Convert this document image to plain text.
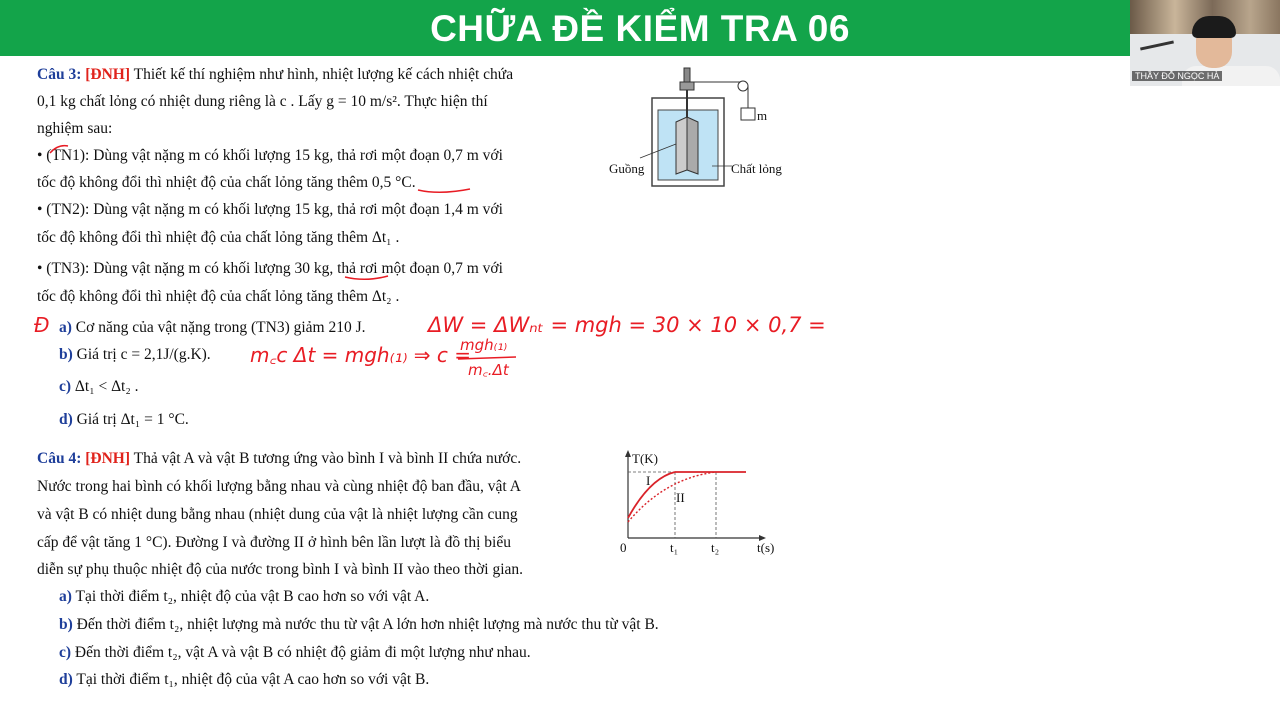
CHỮA ĐỀ KIỂM TRA 06
THẦY ĐỖ NGỌC HÀ
Câu 3: [ĐNH] Thiết kế thí nghiệm như hình, nhiệt lượng kế cách nhiệt chứa
0,1 kg chất lỏng có nhiệt dung riêng là c . Lấy g = 10 m/s². Thực hiện thí
nghiệm sau:
• (TN1): Dùng vật nặng m có khối lượng 15 kg, thả rơi một đoạn 0,7 m với
tốc độ không đổi thì nhiệt độ của chất lỏng tăng thêm 0,5 °C.
• (TN2): Dùng vật nặng m có khối lượng 15 kg, thả rơi một đoạn 1,4 m với
tốc độ không đổi thì nhiệt độ của chất lỏng tăng thêm Δt₁ .
• (TN3): Dùng vật nặng m có khối lượng 30 kg, thả rơi một đoạn 0,7 m với
tốc độ không đổi thì nhiệt độ của chất lỏng tăng thêm Δt₂ .
a) Cơ năng của vật nặng trong (TN3) giảm 210 J.
b) Giá trị c = 2,1J/(g.K).
c) Δt₁ < Δt₂ .
d) Giá trị Δt₁ = 1 °C.
m
Guồng	Chất lỏng
Câu 4: [ĐNH] Thả vật A và vật B tương ứng vào bình I và bình II chứa nước.
Nước trong hai bình có khối lượng bằng nhau và cùng nhiệt độ ban đầu, vật A
và vật B có nhiệt dung bằng nhau (nhiệt dung của vật là nhiệt lượng cần cung
cấp để vật tăng 1 °C). Đường I và đường II ở hình bên lần lượt là đồ thị biểu
diễn sự phụ thuộc nhiệt độ của nước trong bình I và bình II vào theo thời gian.
a) Tại thời điểm t₂, nhiệt độ của vật B cao hơn so với vật A.
b) Đến thời điểm t₂, nhiệt lượng mà nước thu từ vật A lớn hơn nhiệt lượng mà nước thu từ vật B.
c) Đến thời điểm t₂, vật A và vật B có nhiệt độ giảm đi một lượng như nhau.
d) Tại thời điểm t₁, nhiệt độ của vật A cao hơn so với vật B.
T(K)
I
II
0	t₁	t₂	t(s)
Đ	ΔW = ΔWₙₜ = mgh = 30 × 10 × 0,7 =
m꜀c Δt = mgh₍₁₎ ⇒ c =
mgh₍₁₎
m꜀.Δt
